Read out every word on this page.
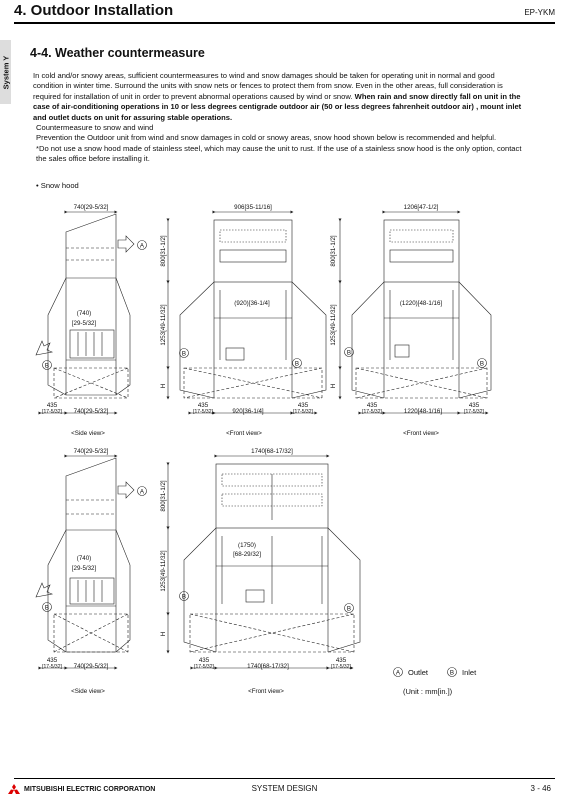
4. Outdoor Installation	EP-YKM
System Y
4-4. Weather countermeasure

In cold and/or snowy areas, sufficient countermeasures to wind and snow damages should be taken for operating unit in normal and good condition in winter time. Surround the units with snow nets or fences to protect them from snow. Even in the other areas, full consideration is required for installation of unit in order to prevent abnormal operations caused by wind or snow. When rain and snow directly fall on unit in the case of air-conditioning operations in 10 or less degrees centigrade outdoor air (50 or less degrees fahrenheit outdoor air) , mount inlet and outlet ducts on unit for assuring stable operations.

Countermeasure to snow and wind

Prevention the Outdoor unit from wind and snow damages in cold or snowy areas, snow hood shown below is recommended and helpful.

*Do not use a snow hood made of stainless steel, which may cause the unit to rust. If the use of a stainless snow hood is the only option, contact the sales office before installing it.

• Snow hood
740[29-5/32]
(740)
[29-5/32]
435
[17-5/32] 740[29-5/32]
<Side view>
A
B
906[35-11/16]
800[31-1/2]
1253[49-11/32]
H
(920)[36-1/4]
435
[17-5/32]	920[36-1/4]
435
[17-5/32]
<Front view>
B
B
1206[47-1/2]
800[31-1/2]
1253[49-11/32]
H
(1220)[48-1/16]
435
[17-5/32]	1220[48-1/16]
435
[17-5/32]
<Front view>
B
B
740[29-5/32]
(740)
[29-5/32]
435
[17-5/32] 740[29-5/32]
<Side view>
A
B
1740[68-17/32]
800[31-1/2]
1253[49-11/32]
H
(1750)
[68-29/32]
435
[17-5/32]	1740[68-17/32]
435
[17-5/32]
<Front view>
B
B
A Outlet	B Inlet
(Unit : mm[in.])
MITSUBISHI ELECTRIC CORPORATION	SYSTEM DESIGN	3 - 46
